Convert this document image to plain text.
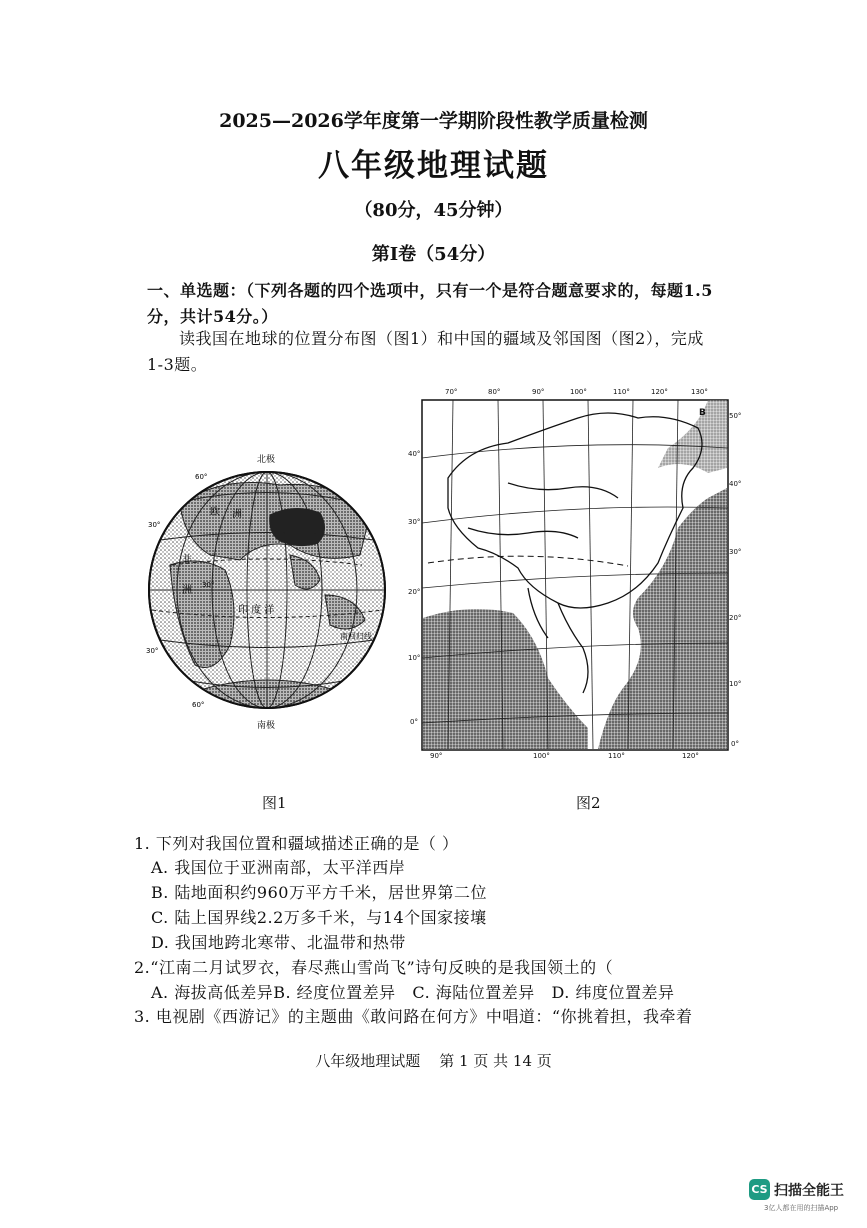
2025—2026学年度第一学期阶段性教学质量检测
八年级地理试题
（80分，45分钟）
第Ⅰ卷（54分）
一、单选题：（下列各题的四个选项中，只有一个是符合题意要求的，每题1.5
分，共计54分。）
读我国在地球的位置分布图（图1）和中国的疆域及邻国图（图2），完成
1-3题。
北极
南极
欧 洲
非
洲
印 度 洋
南回归线
30°
30°
60°
60°
30°
图1
70°	80°	90°	100°	110°	120°	130°
90°	100°	110°	120°
40°
30°
20°
10°
0°
50°
40°
30°
20°
10°
0°
B
图2
1. 下列对我国位置和疆域描述正确的是（ ）
A. 我国位于亚洲南部，太平洋西岸
B. 陆地面积约960万平方千米，居世界第二位
C. 陆上国界线2.2万多千米，与14个国家接壤
D. 我国地跨北寒带、北温带和热带
2.“江南二月试罗衣，春尽燕山雪尚飞”诗句反映的是我国领土的（
A. 海拔高低差异B. 经度位置差异   C. 海陆位置差异   D. 纬度位置差异
3. 电视剧《西游记》的主题曲《敢问路在何方》中唱道：“你挑着担，我牵着
八年级地理试题    第 1 页 共 14 页
CS 扫描全能王
3亿人都在用的扫描App
